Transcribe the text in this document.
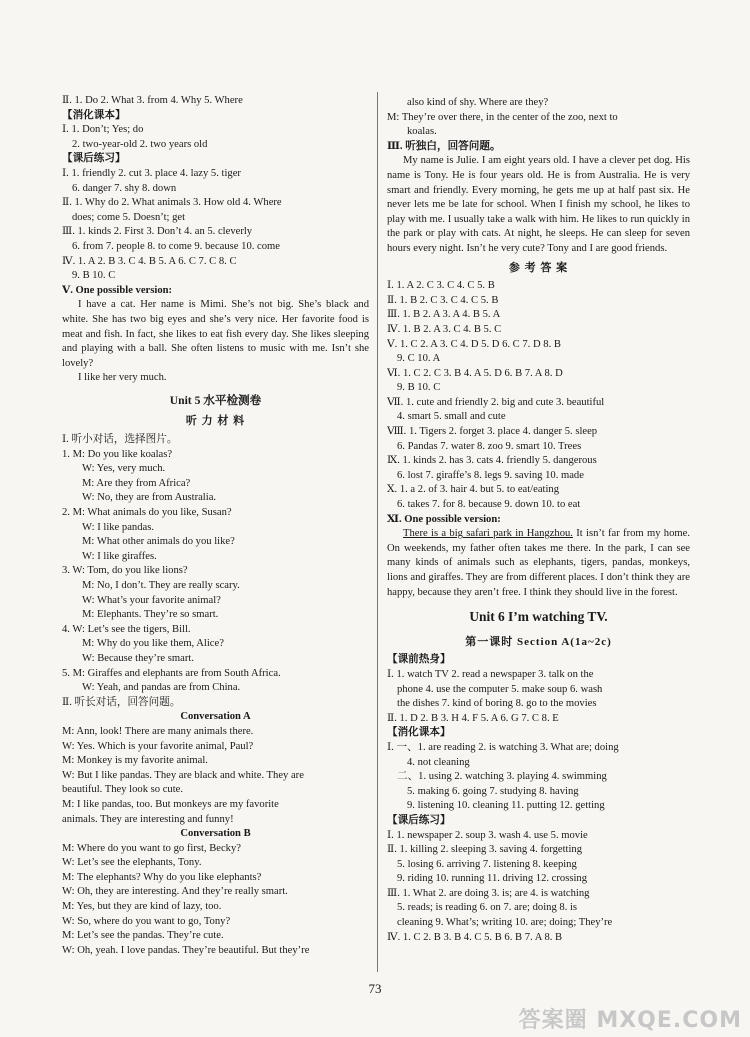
Ⅱ. 1. Do 2. What 3. from 4. Why 5. Where
【消化课本】
Ⅰ. 1. Don’t; Yes; do
2. two-year-old 2. two years old
【课后练习】
Ⅰ. 1. friendly 2. cut 3. place 4. lazy 5. tiger
6. danger 7. shy 8. down
Ⅱ. 1. Why do 2. What animals 3. How old 4. Where
does; come 5. Doesn’t; get
Ⅲ. 1. kinds 2. First 3. Don’t 4. an 5. cleverly
6. from 7. people 8. to come 9. because 10. come
Ⅳ. 1. A 2. B 3. C 4. B 5. A 6. C 7. C 8. C
9. B 10. C
Ⅴ. One possible version:
I have a cat. Her name is Mimi. She’s not big. She’s black and white. She has two big eyes and she’s very nice. Her favorite food is meat and fish. In fact, she likes to eat fish every day. She likes sleeping and playing with a ball. She often listens to music with me. Isn’t she lovely?
I like her very much.
Unit 5 水平检测卷
听 力 材 料
Ⅰ. 听小对话，选择图片。
1. M: Do you like koalas?
W: Yes, very much.
M: Are they from Africa?
W: No, they are from Australia.
2. M: What animals do you like, Susan?
W: I like pandas.
M: What other animals do you like?
W: I like giraffes.
3. W: Tom, do you like lions?
M: No, I don’t. They are really scary.
W: What’s your favorite animal?
M: Elephants. They’re so smart.
4. W: Let’s see the tigers, Bill.
M: Why do you like them, Alice?
W: Because they’re smart.
5. M: Giraffes and elephants are from South Africa.
W: Yeah, and pandas are from China.
Ⅱ. 听长对话，回答问题。
Conversation A
M: Ann, look! There are many animals there.
W: Yes. Which is your favorite animal, Paul?
M: Monkey is my favorite animal.
W: But I like pandas. They are black and white. They are
beautiful. They look so cute.
M: I like pandas, too. But monkeys are my favorite
animals. They are interesting and funny!
Conversation B
M: Where do you want to go first, Becky?
W: Let’s see the elephants, Tony.
M: The elephants? Why do you like elephants?
W: Oh, they are interesting. And they’re really smart.
M: Yes, but they are kind of lazy, too.
W: So, where do you want to go, Tony?
M: Let’s see the pandas. They’re cute.
W: Oh, yeah. I love pandas. They’re beautiful. But they’re
also kind of shy. Where are they?
M: They’re over there, in the center of the zoo, next to
koalas.
Ⅲ. 听独白，回答问题。
My name is Julie. I am eight years old. I have a clever pet dog. His name is Tony. He is four years old. He is from Australia. He is very smart and friendly. Every morning, he gets me up at half past six. He never lets me be late for school. When I finish my school, he likes to play with me. I usually take a walk with him. He likes to run quickly in the park or play with cats. At night, he sleeps. He can sleep for seven hours every night. Isn’t he very cute? Tony and I are good friends.
参 考 答 案
Ⅰ. 1. A 2. C 3. C 4. C 5. B
Ⅱ. 1. B 2. C 3. C 4. C 5. B
Ⅲ. 1. B 2. A 3. A 4. B 5. A
Ⅳ. 1. B 2. A 3. C 4. B 5. C
Ⅴ. 1. C 2. A 3. C 4. D 5. D 6. C 7. D 8. B
9. C 10. A
Ⅵ. 1. C 2. C 3. B 4. A 5. D 6. B 7. A 8. D
9. B 10. C
Ⅶ. 1. cute and friendly 2. big and cute 3. beautiful
4. smart 5. small and cute
Ⅷ. 1. Tigers 2. forget 3. place 4. danger 5. sleep
6. Pandas 7. water 8. zoo 9. smart 10. Trees
Ⅸ. 1. kinds 2. has 3. cats 4. friendly 5. dangerous
6. lost 7. giraffe’s 8. legs 9. saving 10. made
Ⅹ. 1. a 2. of 3. hair 4. but 5. to eat/eating
6. takes 7. for 8. because 9. down 10. to eat
Ⅺ. One possible version:
There is a big safari park in Hangzhou. It isn’t far from my home. On weekends, my father often takes me there. In the park, I can see many kinds of animals such as elephants, tigers, pandas, monkeys, lions and giraffes. They are from different places. I don’t think they are happy, because they aren’t free. I think they should live in the forest.
Unit 6 I’m watching TV.
第一课时 Section A(1a~2c)
【课前热身】
Ⅰ. 1. watch TV 2. read a newspaper 3. talk on the
phone 4. use the computer 5. make soup 6. wash
the dishes 7. kind of boring 8. go to the movies
Ⅱ. 1. D 2. B 3. H 4. F 5. A 6. G 7. C 8. E
【消化课本】
Ⅰ. 一、1. are reading 2. is watching 3. What are; doing
4. not cleaning
二、1. using 2. watching 3. playing 4. swimming
5. making 6. going 7. studying 8. having
9. listening 10. cleaning 11. putting 12. getting
【课后练习】
Ⅰ. 1. newspaper 2. soup 3. wash 4. use 5. movie
Ⅱ. 1. killing 2. sleeping 3. saving 4. forgetting
5. losing 6. arriving 7. listening 8. keeping
9. riding 10. running 11. driving 12. crossing
Ⅲ. 1. What 2. are doing 3. is; are 4. is watching
5. reads; is reading 6. on 7. are; doing 8. is
cleaning 9. What’s; writing 10. are; doing; They’re
Ⅳ. 1. C 2. B 3. B 4. C 5. B 6. B 7. A 8. B
73
答案圈 MXQE.COM
